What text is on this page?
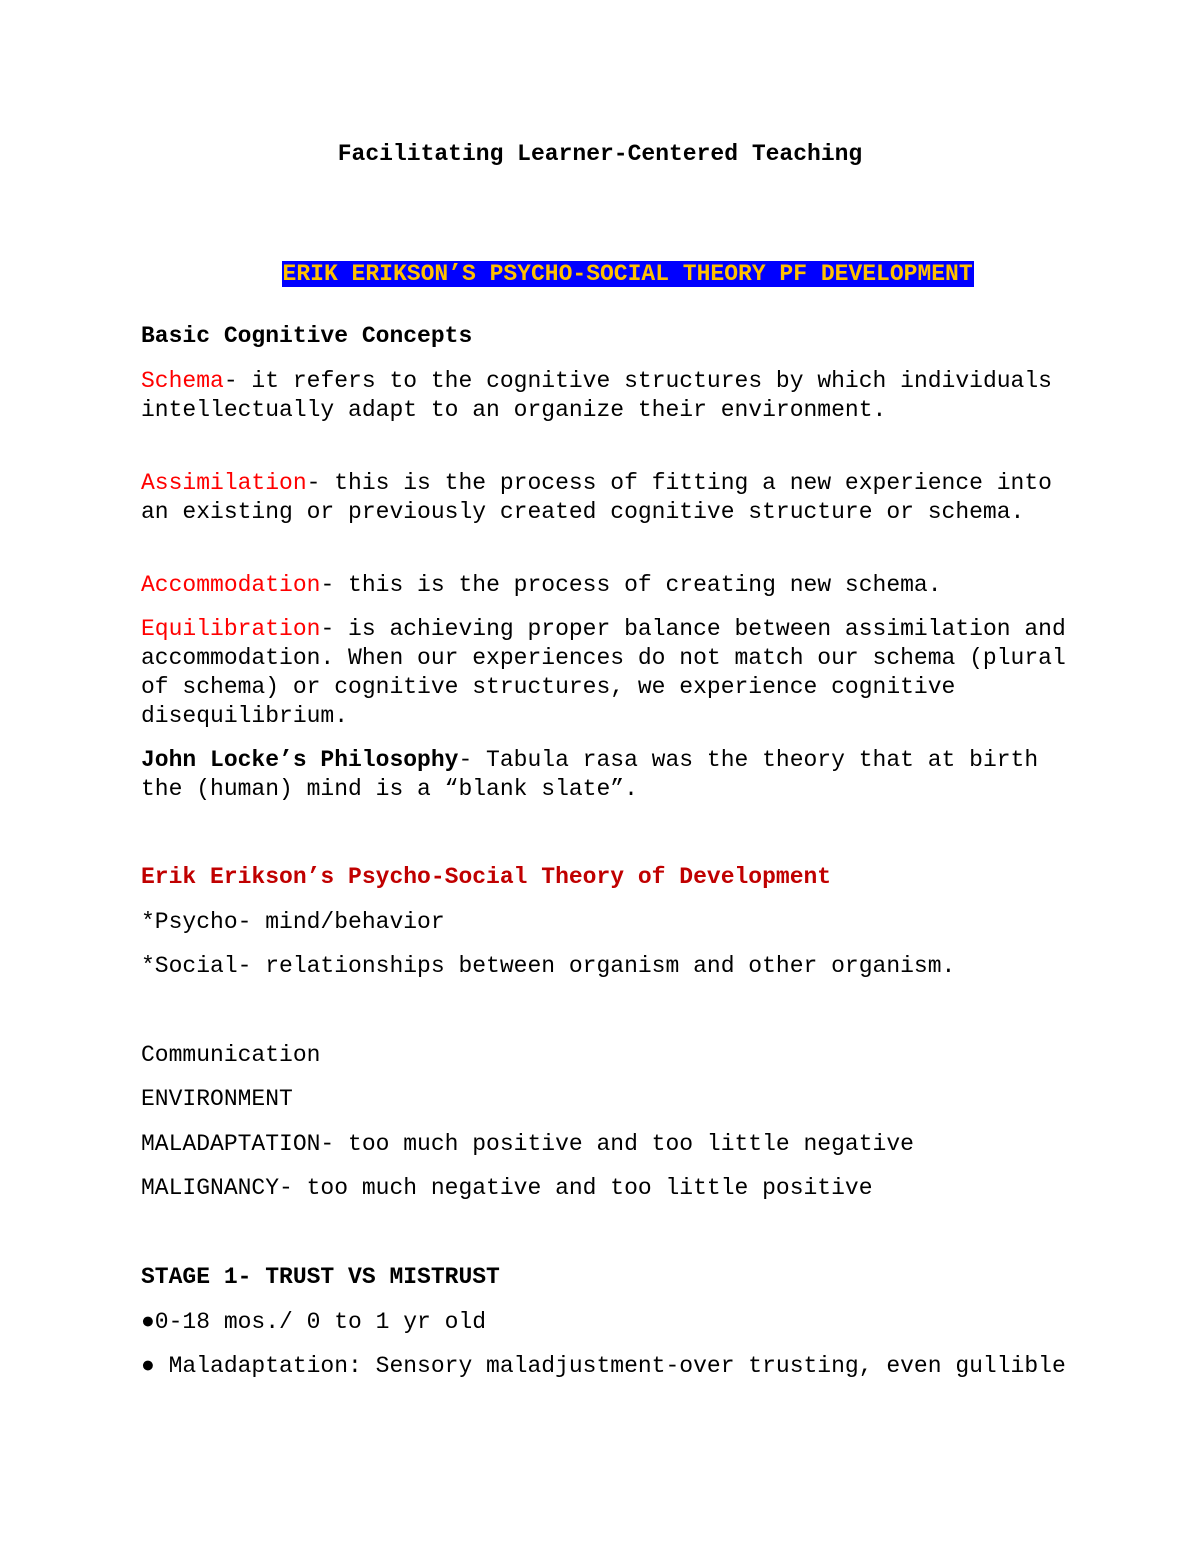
Facilitating Learner-Centered Teaching

ERIK ERIKSON’S PSYCHO-SOCIAL THEORY PF DEVELOPMENT

Basic Cognitive Concepts
Schema- it refers to the cognitive structures by which individuals intellectually adapt to an organize their environment.
Assimilation- this is the process of fitting a new experience into an existing or previously created cognitive structure or schema.
Accommodation- this is the process of creating new schema.
Equilibration- is achieving proper balance between assimilation and accommodation. When our experiences do not match our schema (plural of schema) or cognitive structures, we experience cognitive disequilibrium.
John Locke’s Philosophy- Tabula rasa was the theory that at birth the (human) mind is a “blank slate”.
Erik Erikson’s Psycho-Social Theory of Development
*Psycho- mind/behavior
*Social- relationships between organism and other organism.
Communication
ENVIRONMENT
MALADAPTATION- too much positive and too little negative
MALIGNANCY- too much negative and too little positive
STAGE 1- TRUST VS MISTRUST
●0-18 mos./ 0 to 1 yr old
● Maladaptation: Sensory maladjustment-over trusting, even gullible
